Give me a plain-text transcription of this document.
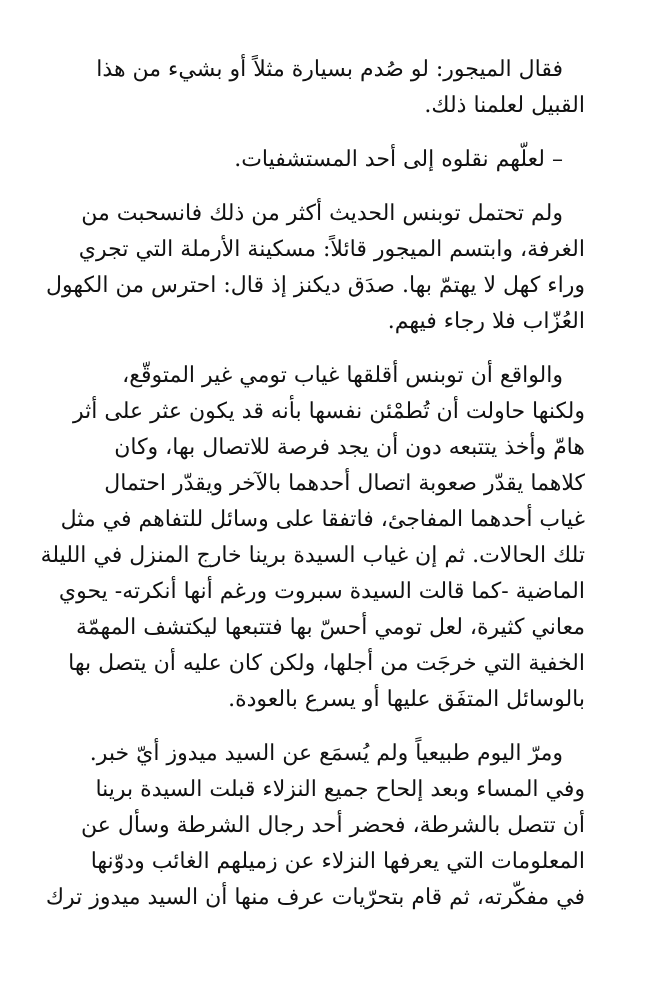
فقال الميجور: لو صُدم بسيارة مثلاً أو بشيء من هذا
القبيل لعلمنا ذلك.

– لعلّهم نقلوه إلى أحد المستشفيات.

ولم تحتمل توبنس الحديث أكثر من ذلك فانسحبت من
الغرفة، وابتسم الميجور قائلاً: مسكينة الأرملة التي تجري
وراء كهل لا يهتمّ بها. صدَق ديكنز إذ قال: احترس من الكهول
العُزّاب فلا رجاء فيهم.

والواقع أن توبنس أقلقها غياب تومي غير المتوقّع،
ولكنها حاولت أن تُطمْئن نفسها بأنه قد يكون عثر على أثر
هامّ وأخذ يتتبعه دون أن يجد فرصة للاتصال بها، وكان
كلاهما يقدّر صعوبة اتصال أحدهما بالآخر ويقدّر احتمال
غياب أحدهما المفاجئ، فاتفقا على وسائل للتفاهم في مثل
تلك الحالات. ثم إن غياب السيدة برينا خارج المنزل في الليلة
الماضية -كما قالت السيدة سبروت ورغم أنها أنكرته- يحوي
معاني كثيرة، لعل تومي أحسّ بها فتتبعها ليكتشف المهمّة
الخفية التي خرجَت من أجلها، ولكن كان عليه أن يتصل بها
بالوسائل المتفَق عليها أو يسرع بالعودة.

ومرّ اليوم طبيعياً ولم يُسمَع عن السيد ميدوز أيّ خبر.
وفي المساء وبعد إلحاح جميع النزلاء قبلت السيدة برينا
أن تتصل بالشرطة، فحضر أحد رجال الشرطة وسأل عن
المعلومات التي يعرفها النزلاء عن زميلهم الغائب ودوّنها
في مفكّرته، ثم قام بتحرّيات عرف منها أن السيد ميدوز ترك
